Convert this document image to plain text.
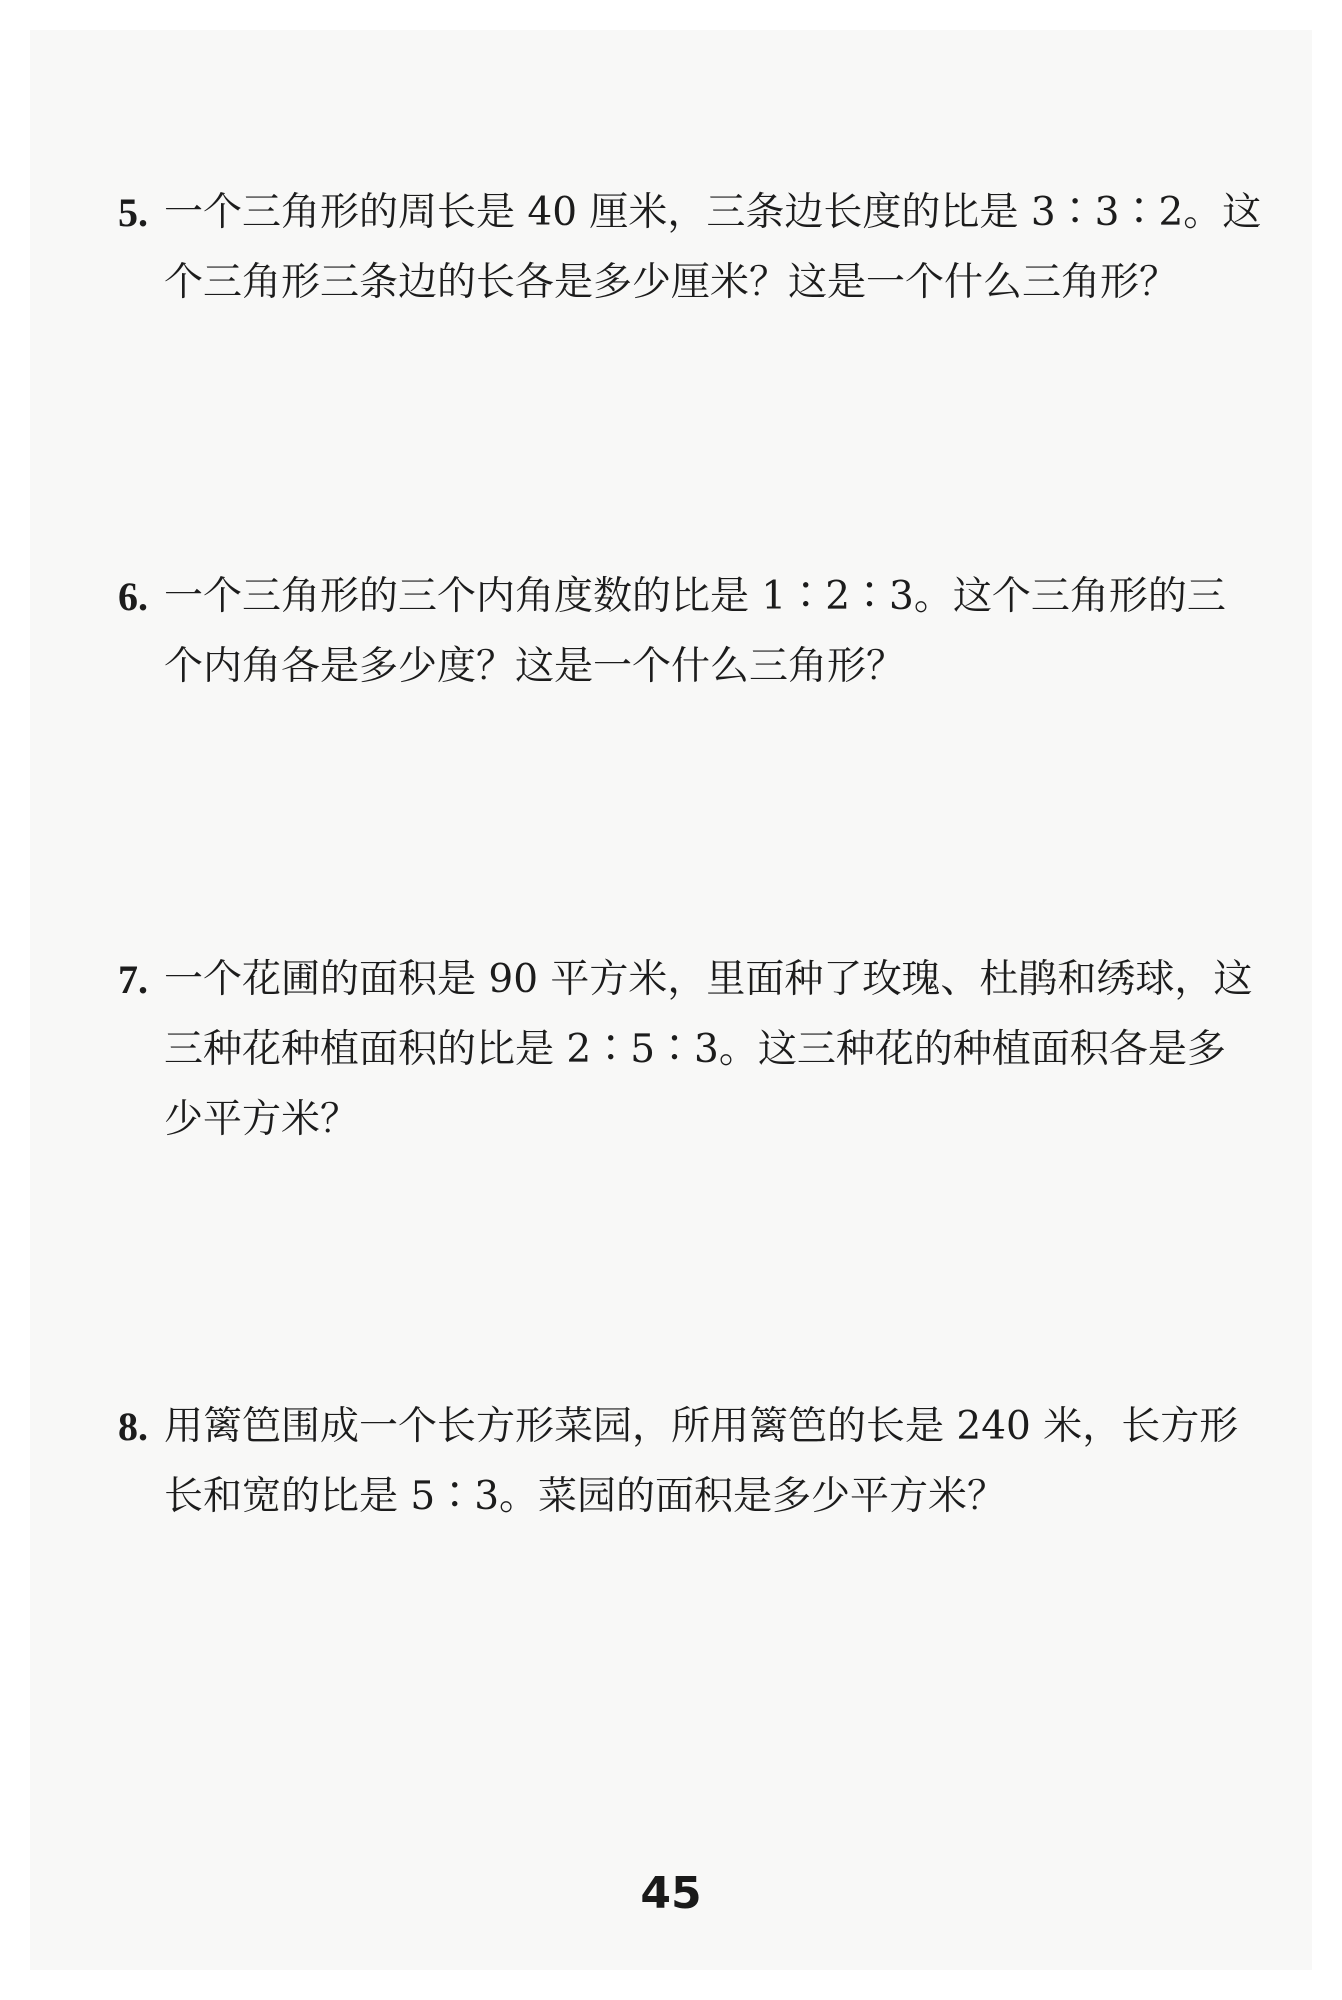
5. 一个三角形的周长是 40 厘米，三条边长度的比是 3∶3∶2。这
个三角形三条边的长各是多少厘米？这是一个什么三角形？
6. 一个三角形的三个内角度数的比是 1∶2∶3。这个三角形的三
个内角各是多少度？这是一个什么三角形？
7. 一个花圃的面积是 90 平方米，里面种了玫瑰、杜鹃和绣球，这
三种花种植面积的比是 2∶5∶3。这三种花的种植面积各是多
少平方米？
8. 用篱笆围成一个长方形菜园，所用篱笆的长是 240 米，长方形
长和宽的比是 5∶3。菜园的面积是多少平方米？
45
